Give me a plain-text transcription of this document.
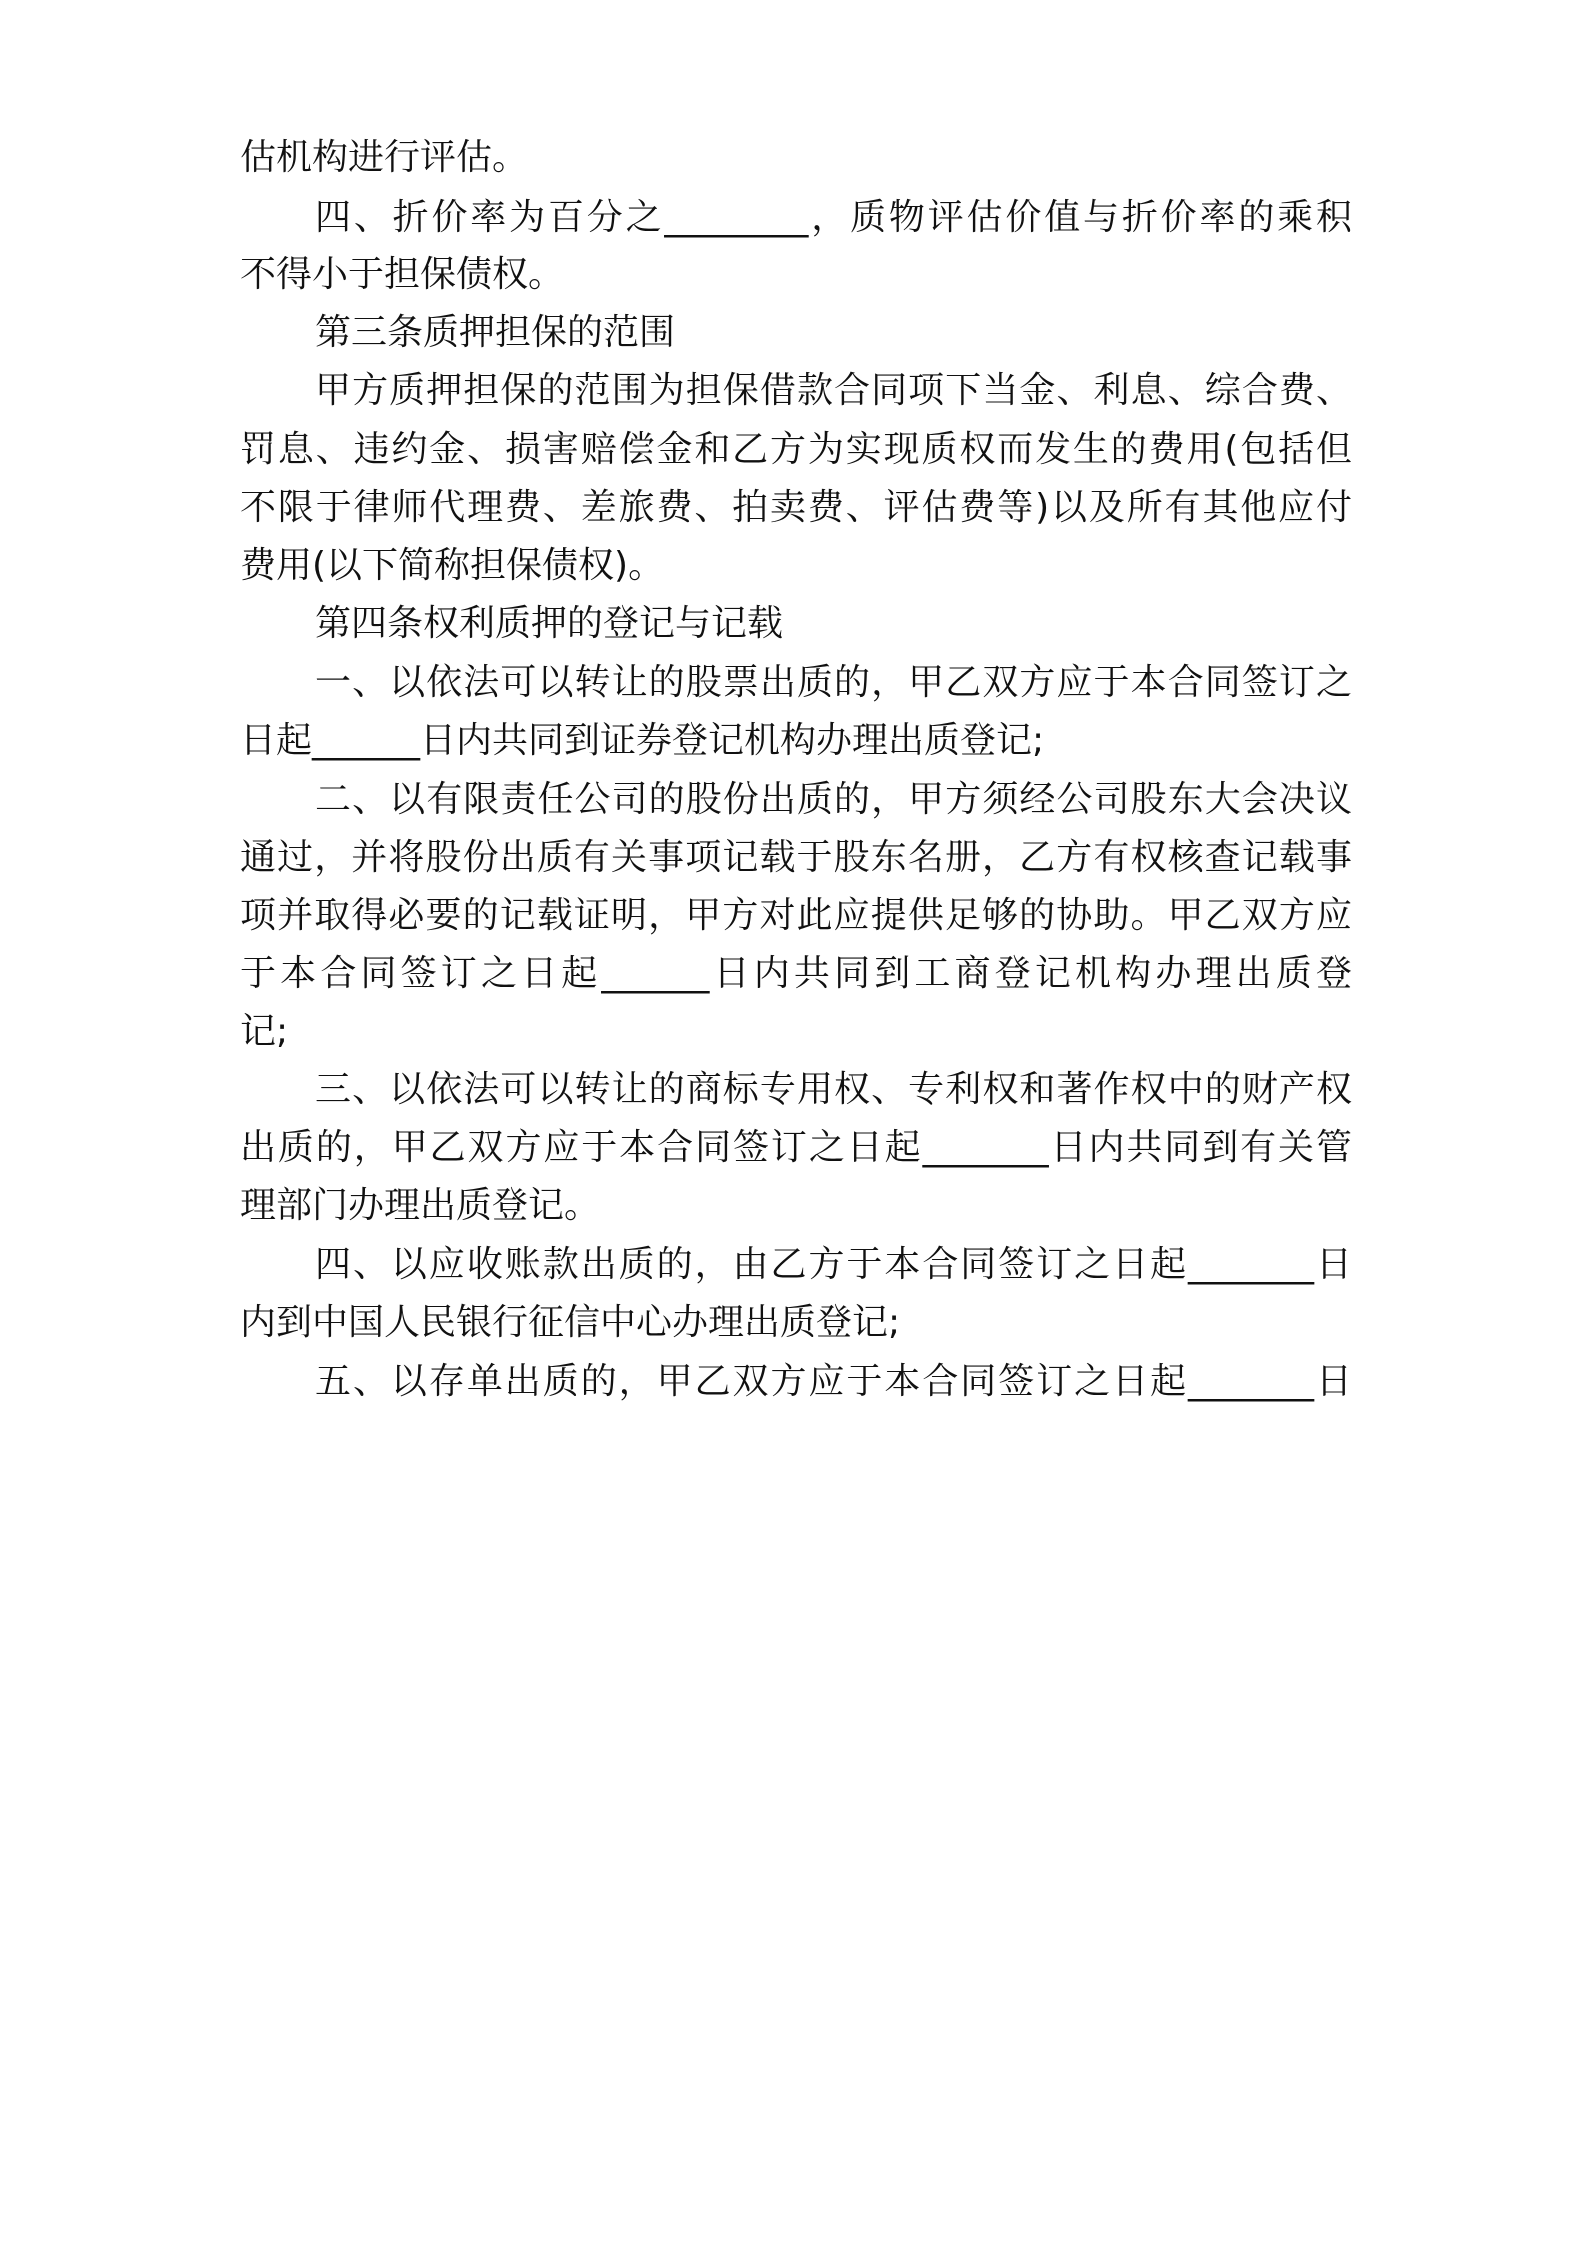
估机构进行评估。
四、折价率为百分之________，质物评估价值与折价率的乘积
不得小于担保债权。
第三条质押担保的范围
甲方质押担保的范围为担保借款合同项下当金、利息、综合费、
罚息、违约金、损害赔偿金和乙方为实现质权而发生的费用(包括但
不限于律师代理费、差旅费、拍卖费、评估费等)以及所有其他应付
费用(以下简称担保债权)。
第四条权利质押的登记与记载
一、以依法可以转让的股票出质的，甲乙双方应于本合同签订之
日起______日内共同到证券登记机构办理出质登记;
二、以有限责任公司的股份出质的，甲方须经公司股东大会决议
通过，并将股份出质有关事项记载于股东名册，乙方有权核查记载事
项并取得必要的记载证明，甲方对此应提供足够的协助。甲乙双方应
于本合同签订之日起______日内共同到工商登记机构办理出质登
记;
三、以依法可以转让的商标专用权、专利权和著作权中的财产权
出质的，甲乙双方应于本合同签订之日起_______日内共同到有关管
理部门办理出质登记。
四、以应收账款出质的，由乙方于本合同签订之日起_______日
内到中国人民银行征信中心办理出质登记;
五、以存单出质的，甲乙双方应于本合同签订之日起_______日
